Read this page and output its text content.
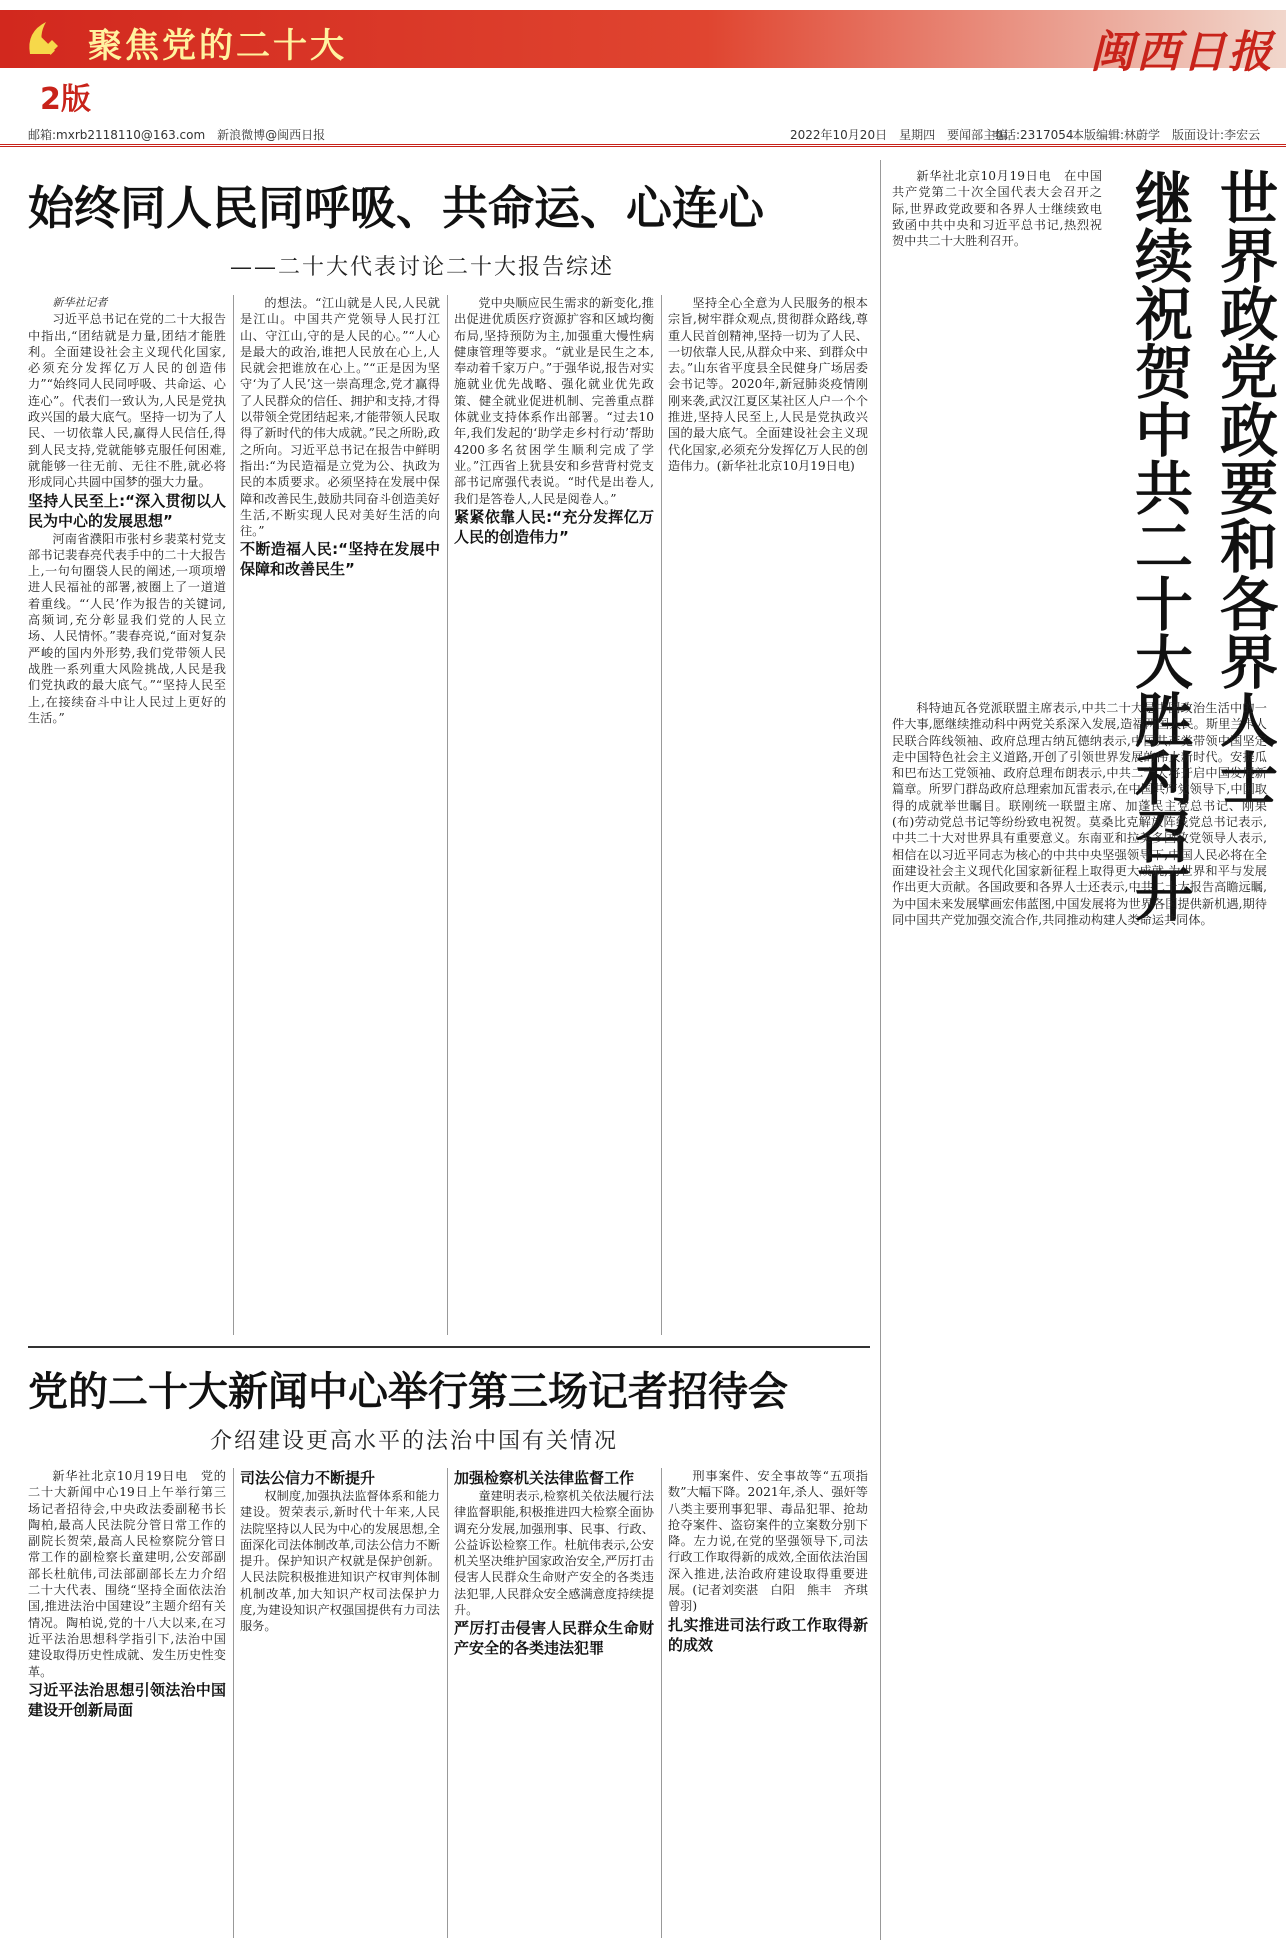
聚焦党的二十大	闽西日报
2版
邮箱:mxrb2118110@163.com　新浪微博@闽西日报	2022年10月20日　星期四　要闻部主编
电话:2317054
本版编辑:林蔚学　版面设计:李宏云
始终同人民同呼吸、共命运、心连心
——二十大代表讨论二十大报告综述

新华社记者

习近平总书记在党的二十大报告中指出,“团结就是力量,团结才能胜利。全面建设社会主义现代化国家,必须充分发挥亿万人民的创造伟力”“始终同人民同呼吸、共命运、心连心”。代表们一致认为,人民是党执政兴国的最大底气。坚持一切为了人民、一切依靠人民,赢得人民信任,得到人民支持,党就能够克服任何困难,就能够一往无前、无往不胜,就必将形成同心共圆中国梦的强大力量。

坚持人民至上:“深入贯彻以人民为中心的发展思想”

河南省濮阳市张村乡裴菜村党支部书记裴春亮代表手中的二十大报告上,一句句圈袋人民的阐述,一项项增进人民福祉的部署,被圈上了一道道着重线。“‘人民’作为报告的关键词,高频词,充分彰显我们党的人民立场、人民情怀。”裴春亮说,“面对复杂严峻的国内外形势,我们党带领人民战胜一系列重大风险挑战,人民是我们党执政的最大底气。”“坚持人民至上,在接续奋斗中让人民过上更好的生活。”

的想法。“江山就是人民,人民就是江山。中国共产党领导人民打江山、守江山,守的是人民的心。”“人心是最大的政治,谁把人民放在心上,人民就会把谁放在心上。”“正是因为坚守‘为了人民’这一崇高理念,党才赢得了人民群众的信任、拥护和支持,才得以带领全党团结起来,才能带领人民取得了新时代的伟大成就。”民之所盼,政之所向。习近平总书记在报告中鲜明指出:“为民造福是立党为公、执政为民的本质要求。必须坚持在发展中保障和改善民生,鼓励共同奋斗创造美好生活,不断实现人民对美好生活的向往。”

不断造福人民:“坚持在发展中保障和改善民生”

党中央顺应民生需求的新变化,推出促进优质医疗资源扩容和区域均衡布局,坚持预防为主,加强重大慢性病健康管理等要求。“就业是民生之本,奉动着千家万户。”于强华说,报告对实施就业优先战略、强化就业优先政策、健全就业促进机制、完善重点群体就业支持体系作出部署。“过去10年,我们发起的‘助学走乡村行动’帮助4200多名贫困学生顺利完成了学业。”江西省上犹县安和乡营背村党支部书记席强代表说。“时代是出卷人,我们是答卷人,人民是阅卷人。”

紧紧依靠人民:“充分发挥亿万人民的创造伟力”

坚持全心全意为人民服务的根本宗旨,树牢群众观点,贯彻群众路线,尊重人民首创精神,坚持一切为了人民、一切依靠人民,从群众中来、到群众中去。”山东省平度县全民健身广场居委会书记等。2020年,新冠肺炎疫情刚刚来袭,武汉江夏区某社区人户一个个推进,坚持人民至上,人民是党执政兴国的最大底气。全面建设社会主义现代化国家,必须充分发挥亿万人民的创造伟力。(新华社北京10月19日电)	世界政党政要和各界人士
继续祝贺中共二十大胜利召开

新华社北京10月19日电　在中国共产党第二十次全国代表大会召开之际,世界政党政要和各界人士继续致电致函中共中央和习近平总书记,热烈祝贺中共二十大胜利召开。

科特迪瓦各党派联盟主席表示,中共二十大是中国政治生活中的一件大事,愿继续推动科中两党关系深入发展,造福两国人民。斯里兰卡人民联合阵线领袖、政府总理古纳瓦德纳表示,中国共产党带领中国坚定走中国特色社会主义道路,开创了引领世界发展的伟大新时代。安提瓜和巴布达工党领袖、政府总理布朗表示,中共二十大将开启中国发展新篇章。所罗门群岛政府总理索加瓦雷表示,在中国共产党领导下,中国取得的成就举世瞩目。联刚统一联盟主席、加蓬民主党总书记、刚果(布)劳动党总书记等纷纷致电祝贺。莫桑比克解放阵线党总书记表示,中共二十大对世界具有重要意义。东南亚和拉美多国政党领导人表示,相信在以习近平同志为核心的中共中央坚强领导下,中国人民必将在全面建设社会主义现代化国家新征程上取得更大成就,为世界和平与发展作出更大贡献。各国政要和各界人士还表示,中共二十大报告高瞻远瞩,为中国未来发展擘画宏伟蓝图,中国发展将为世界各国提供新机遇,期待同中国共产党加强交流合作,共同推动构建人类命运共同体。

党的二十大新闻中心举行第三场记者招待会
介绍建设更高水平的法治中国有关情况

新华社北京10月19日电　党的二十大新闻中心19日上午举行第三场记者招待会,中央政法委副秘书长陶柏,最高人民法院分管日常工作的副院长贺荣,最高人民检察院分管日常工作的副检察长童建明,公安部副部长杜航伟,司法部副部长左力介绍二十大代表、围绕“坚持全面依法治国,推进法治中国建设”主题介绍有关情况。陶柏说,党的十八大以来,在习近平法治思想科学指引下,法治中国建设取得历史性成就、发生历史性变革。

习近平法治思想引领法治中国建设开创新局面

司法公信力不断提升

权制度,加强执法监督体系和能力建设。贺荣表示,新时代十年来,人民法院坚持以人民为中心的发展思想,全面深化司法体制改革,司法公信力不断提升。保护知识产权就是保护创新。人民法院积极推进知识产权审判体制机制改革,加大知识产权司法保护力度,为建设知识产权强国提供有力司法服务。

加强检察机关法律监督工作

童建明表示,检察机关依法履行法律监督职能,积极推进四大检察全面协调充分发展,加强刑事、民事、行政、公益诉讼检察工作。杜航伟表示,公安机关坚决维护国家政治安全,严厉打击侵害人民群众生命财产安全的各类违法犯罪,人民群众安全感满意度持续提升。

严厉打击侵害人民群众生命财产安全的各类违法犯罪

刑事案件、安全事故等“五项指数”大幅下降。2021年,杀人、强奸等八类主要刑事犯罪、毒品犯罪、抢劫抢夺案件、盗窃案件的立案数分别下降。左力说,在党的坚强领导下,司法行政工作取得新的成效,全面依法治国深入推进,法治政府建设取得重要进展。(记者刘奕湛　白阳　熊丰　齐琪　曾羽)

扎实推进司法行政工作取得新的成效
